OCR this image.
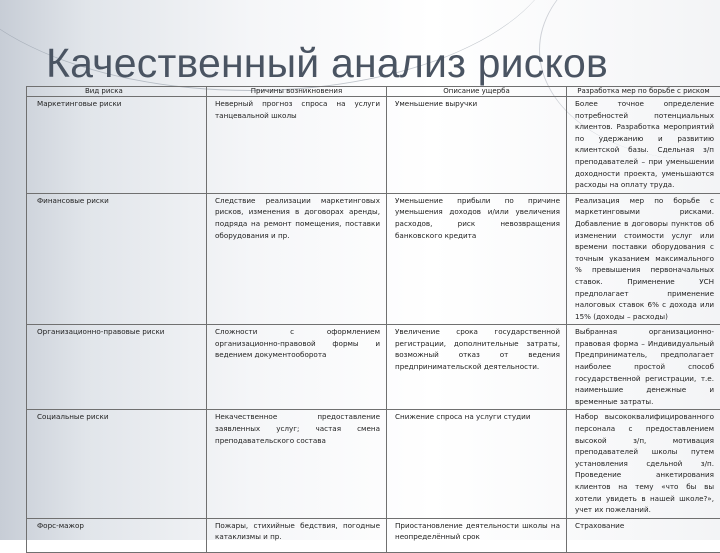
Качественный анализ рисков
Вид риска	Причины возникновения	Описание ущерба	Разработка мер по борьбе с риском
Маркетинговые риски	Неверный прогноз спроса на услуги танцевальной школы	Уменьшение выручки	Более точное определение потребностей потенциальных клиентов. Разработка мероприятий по удержанию и развитию клиентской базы. Сдельная з/п преподавателей – при уменьшении доходности проекта, уменьшаются расходы на оплату труда.
Финансовые риски	Следствие реализации маркетинговых рисков, изменения в договорах аренды, подряда на ремонт помещения, поставки оборудования и пр.	Уменьшение прибыли по причине уменьшения доходов и/или увеличения расходов, риск невозвращения банковского кредита	Реализация мер по борьбе с маркетинговыми рисками. Добавление в договоры пунктов об изменении стоимости услуг или времени поставки оборудования с точным указанием максимального % превышения первоначальных ставок. Применение УСН предполагает применение налоговых ставок 6% с дохода или 15% (доходы – расходы)
Организационно-правовые риски	Сложности с оформлением организационно-правовой формы и ведением документооборота	Увеличение срока государственной регистрации, дополнительные затраты, возможный отказ от ведения предпринимательской деятельности.	Выбранная организационно-правовая форма – Индивидуальный Предприниматель, предполагает наиболее простой способ государственной регистрации, т.е. наименьшие денежные и временные затраты.
Социальные риски	Некачественное предоставление заявленных услуг; частая смена преподавательского состава	Снижение спроса на услуги студии	Набор высококвалифицированного персонала с предоставлением высокой з/п, мотивация преподавателей школы путем установления сдельной з/п. Проведение анкетирования клиентов на тему «что бы вы хотели увидеть в нашей школе?», учет их пожеланий.
Форс-мажор	Пожары, стихийные бедствия, погодные катаклизмы и пр.	Приостановление деятельности школы на неопределённый срок	Страхование
